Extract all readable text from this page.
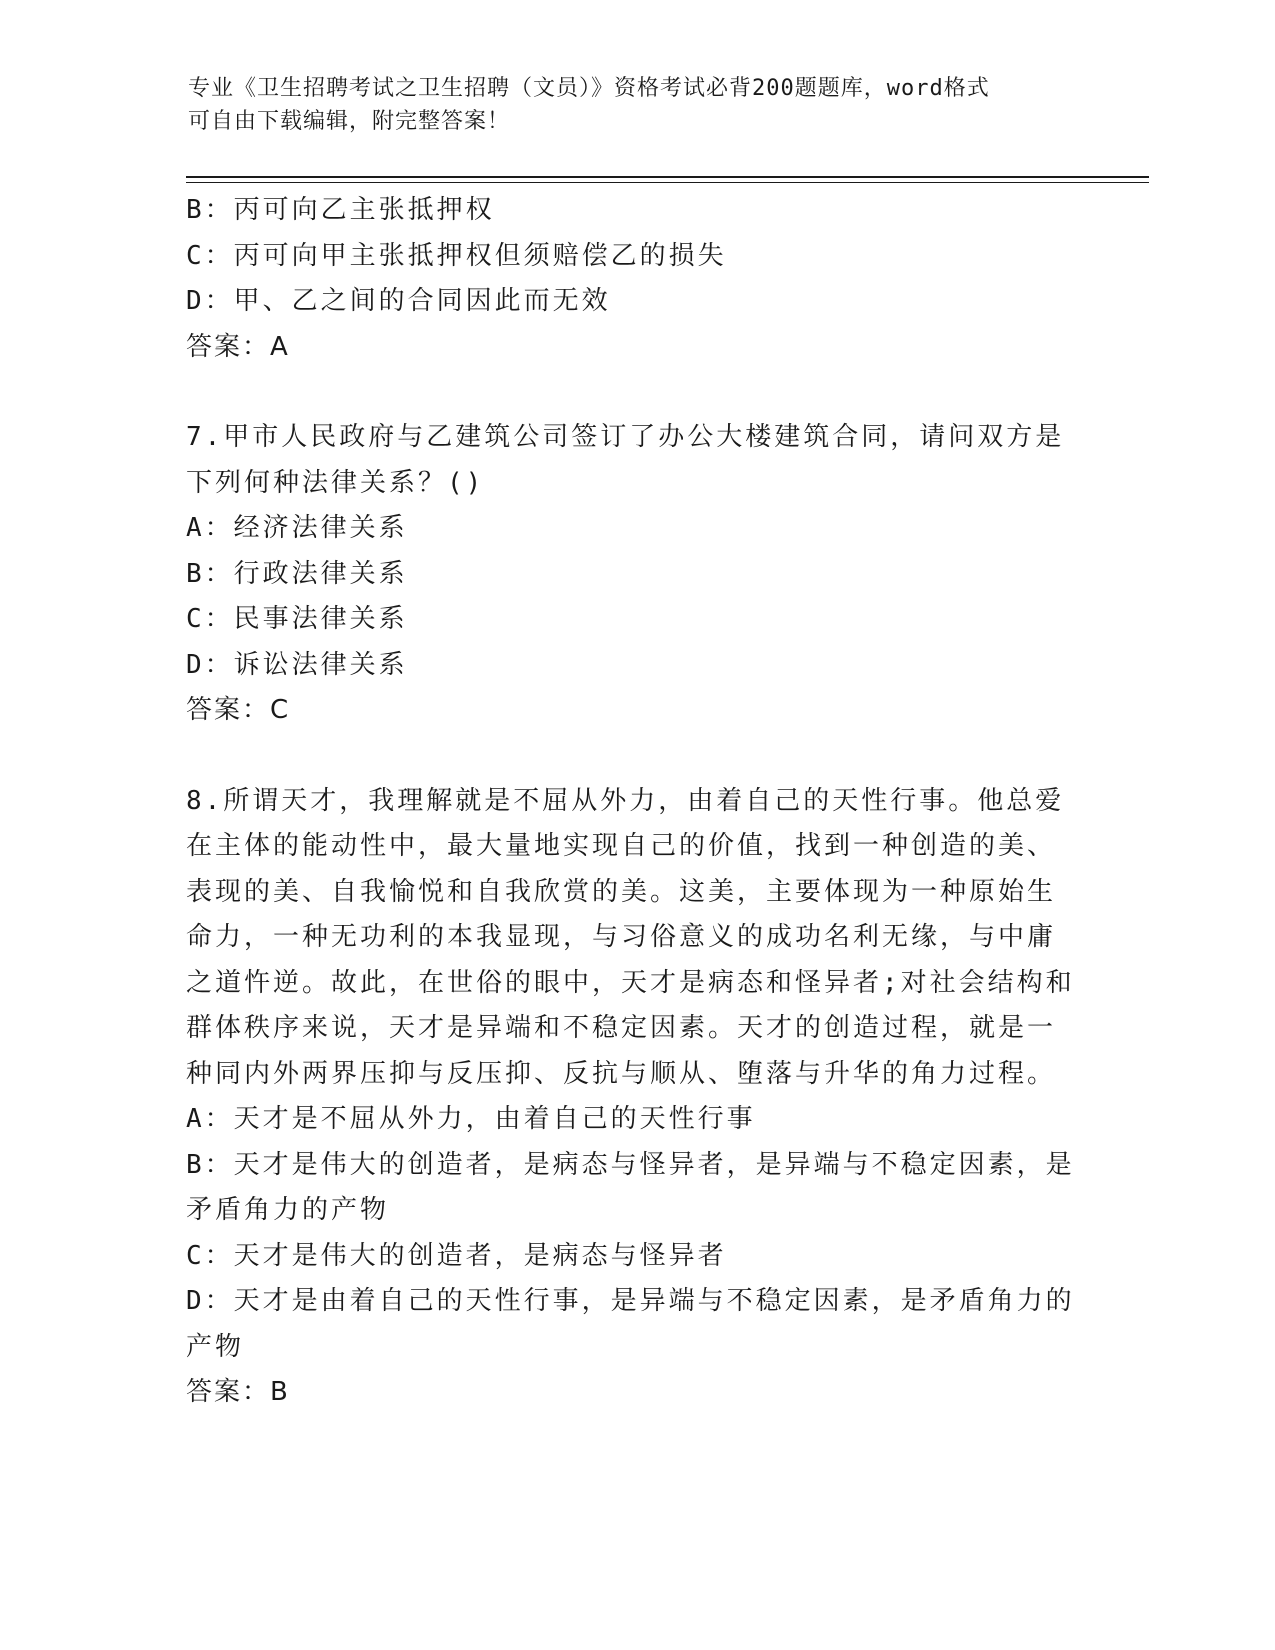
专业《卫生招聘考试之卫生招聘（文员）》资格考试必背200题题库，word格式
可自由下载编辑，附完整答案！
B：丙可向乙主张抵押权
C：丙可向甲主张抵押权但须赔偿乙的损失
D：甲、乙之间的合同因此而无效
答案：A
7.甲市人民政府与乙建筑公司签订了办公大楼建筑合同，请问双方是
下列何种法律关系？()
A：经济法律关系
B：行政法律关系
C：民事法律关系
D：诉讼法律关系
答案：C
8.所谓天才，我理解就是不屈从外力，由着自己的天性行事。他总爱
在主体的能动性中，最大量地实现自己的价值，找到一种创造的美、
表现的美、自我愉悦和自我欣赏的美。这美，主要体现为一种原始生
命力，一种无功利的本我显现，与习俗意义的成功名利无缘，与中庸
之道忤逆。故此，在世俗的眼中，天才是病态和怪异者;对社会结构和
群体秩序来说，天才是异端和不稳定因素。天才的创造过程，就是一
种同内外两界压抑与反压抑、反抗与顺从、堕落与升华的角力过程。
A：天才是不屈从外力，由着自己的天性行事
B：天才是伟大的创造者，是病态与怪异者，是异端与不稳定因素，是
矛盾角力的产物
C：天才是伟大的创造者，是病态与怪异者
D：天才是由着自己的天性行事，是异端与不稳定因素，是矛盾角力的
产物
答案：B
